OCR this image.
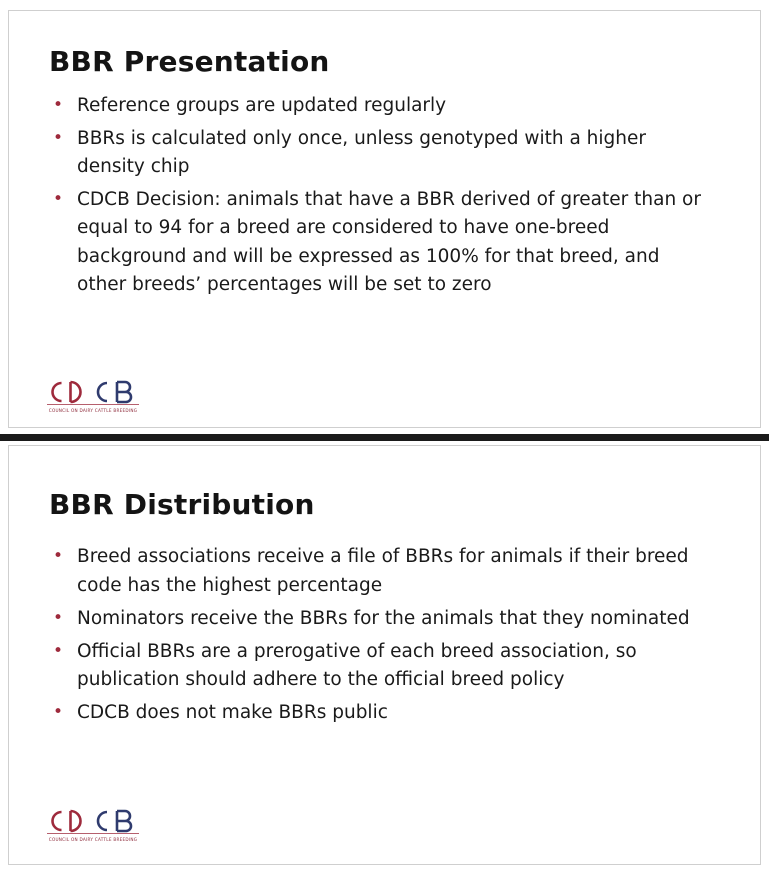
BBR Presentation
• Reference groups are updated regularly
• BBRs is calculated only once, unless genotyped with a higher density chip
• CDCB Decision: animals that have a BBR derived of greater than or equal to 94 for a breed are considered to have one-breed background and will be expressed as 100% for that breed, and other breeds’ percentages will be set to zero
COUNCIL ON DAIRY CATTLE BREEDING
BBR Distribution
• Breed associations receive a file of BBRs for animals if their breed code has the highest percentage
• Nominators receive the BBRs for the animals that they nominated
• Official BBRs are a prerogative of each breed association, so publication should adhere to the official breed policy
• CDCB does not make BBRs public
COUNCIL ON DAIRY CATTLE BREEDING
